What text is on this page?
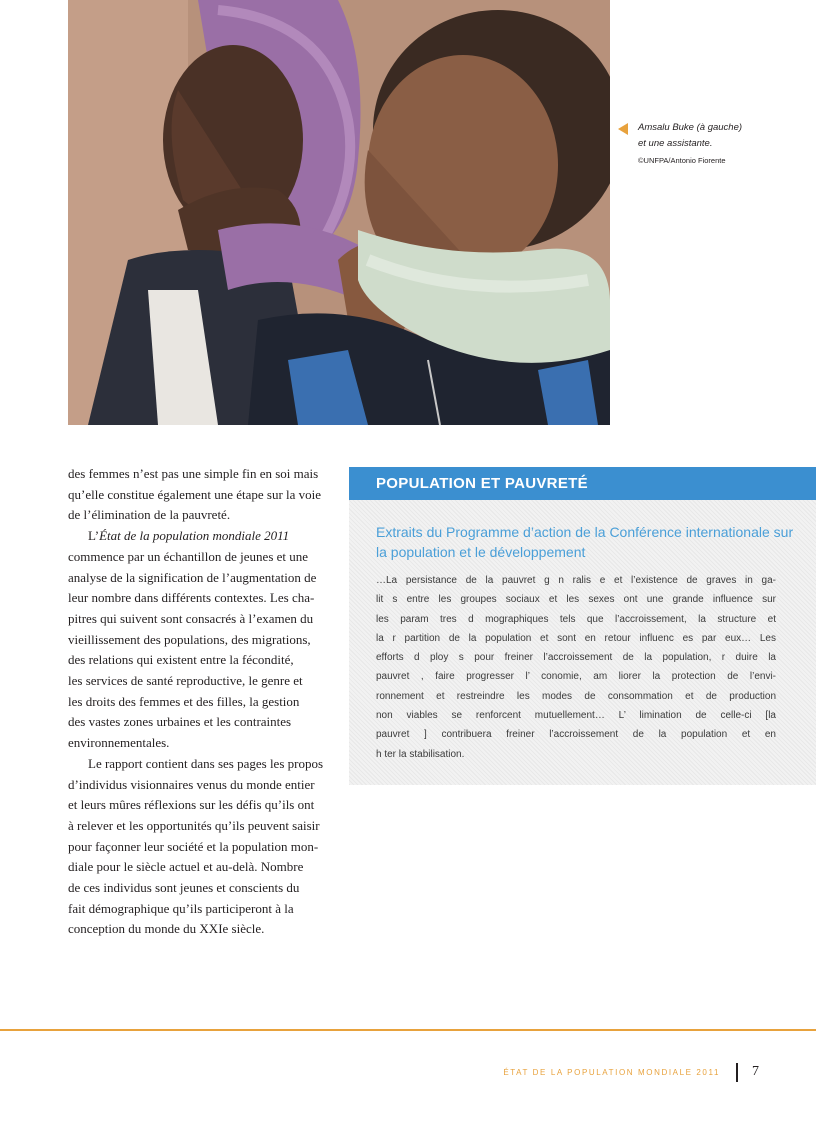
Amsalu Buke (à gauche)
et une assistante.
©UNFPA/Antonio Fiorente
des femmes n’est pas une simple fin en soi mais
qu’elle constitue également une étape sur la voie
de l’élimination de la pauvreté.
L’État de la population mondiale 2011
commence par un échantillon de jeunes et une
analyse de la signification de l’augmentation de
leur nombre dans différents contextes. Les cha-
pitres qui suivent sont consacrés à l’examen du
vieillissement des populations, des migrations,
des relations qui existent entre la fécondité,
les services de santé reproductive, le genre et
les droits des femmes et des filles, la gestion
des vastes zones urbaines et les contraintes
environnementales.
Le rapport contient dans ses pages les propos
d’individus visionnaires venus du monde entier
et leurs mûres réflexions sur les défis qu’ils ont
à relever et les opportunités qu’ils peuvent saisir
pour façonner leur société et la population mon-
diale pour le siècle actuel et au-delà. Nombre
de ces individus sont jeunes et conscients du
fait démographique qu’ils participeront à la
conception du monde du XXIe siècle.
POPULATION ET PAUVRETÉ
Extraits du Programme d’action de la Conférence internationale sur la population et le développement
…La persistance de la pauvret g n ralis e et l’existence de graves in ga-
lit s entre les groupes sociaux et les sexes ont une grande influence sur
les param tres d mographiques tels que l’accroissement, la structure et
la r partition de la population et sont en retour influenc es par eux… Les
efforts d ploy s pour freiner l’accroissement de la population, r duire la
pauvret , faire progresser l’ conomie, am liorer la protection de l’envi-
ronnement et restreindre les modes de consommation et de production
non viables se renforcent mutuellement… L’ limination de celle-ci [la
pauvret ] contribuera freiner l’accroissement de la population et en
h ter la stabilisation.
ÉTAT DE LA POPULATION MONDIALE 2011 7
